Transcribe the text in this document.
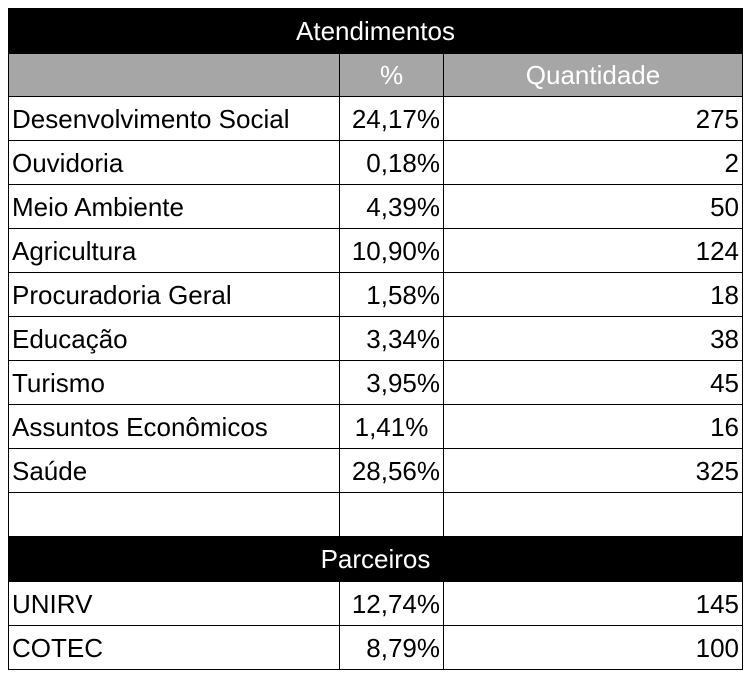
Atendimentos		
	%	Quantidade
Desenvolvimento Social	24,17%	275
Ouvidoria	0,18%	2
Meio Ambiente	4,39%	50
Agricultura	10,90%	124
Procuradoria Geral	1,58%	18
Educação	3,34%	38
Turismo	3,95%	45
Assuntos Econômicos	1,41%	16
Saúde	28,56%	325

Parceiros		
UNIRV	12,74%	145
COTEC	8,79%	100
